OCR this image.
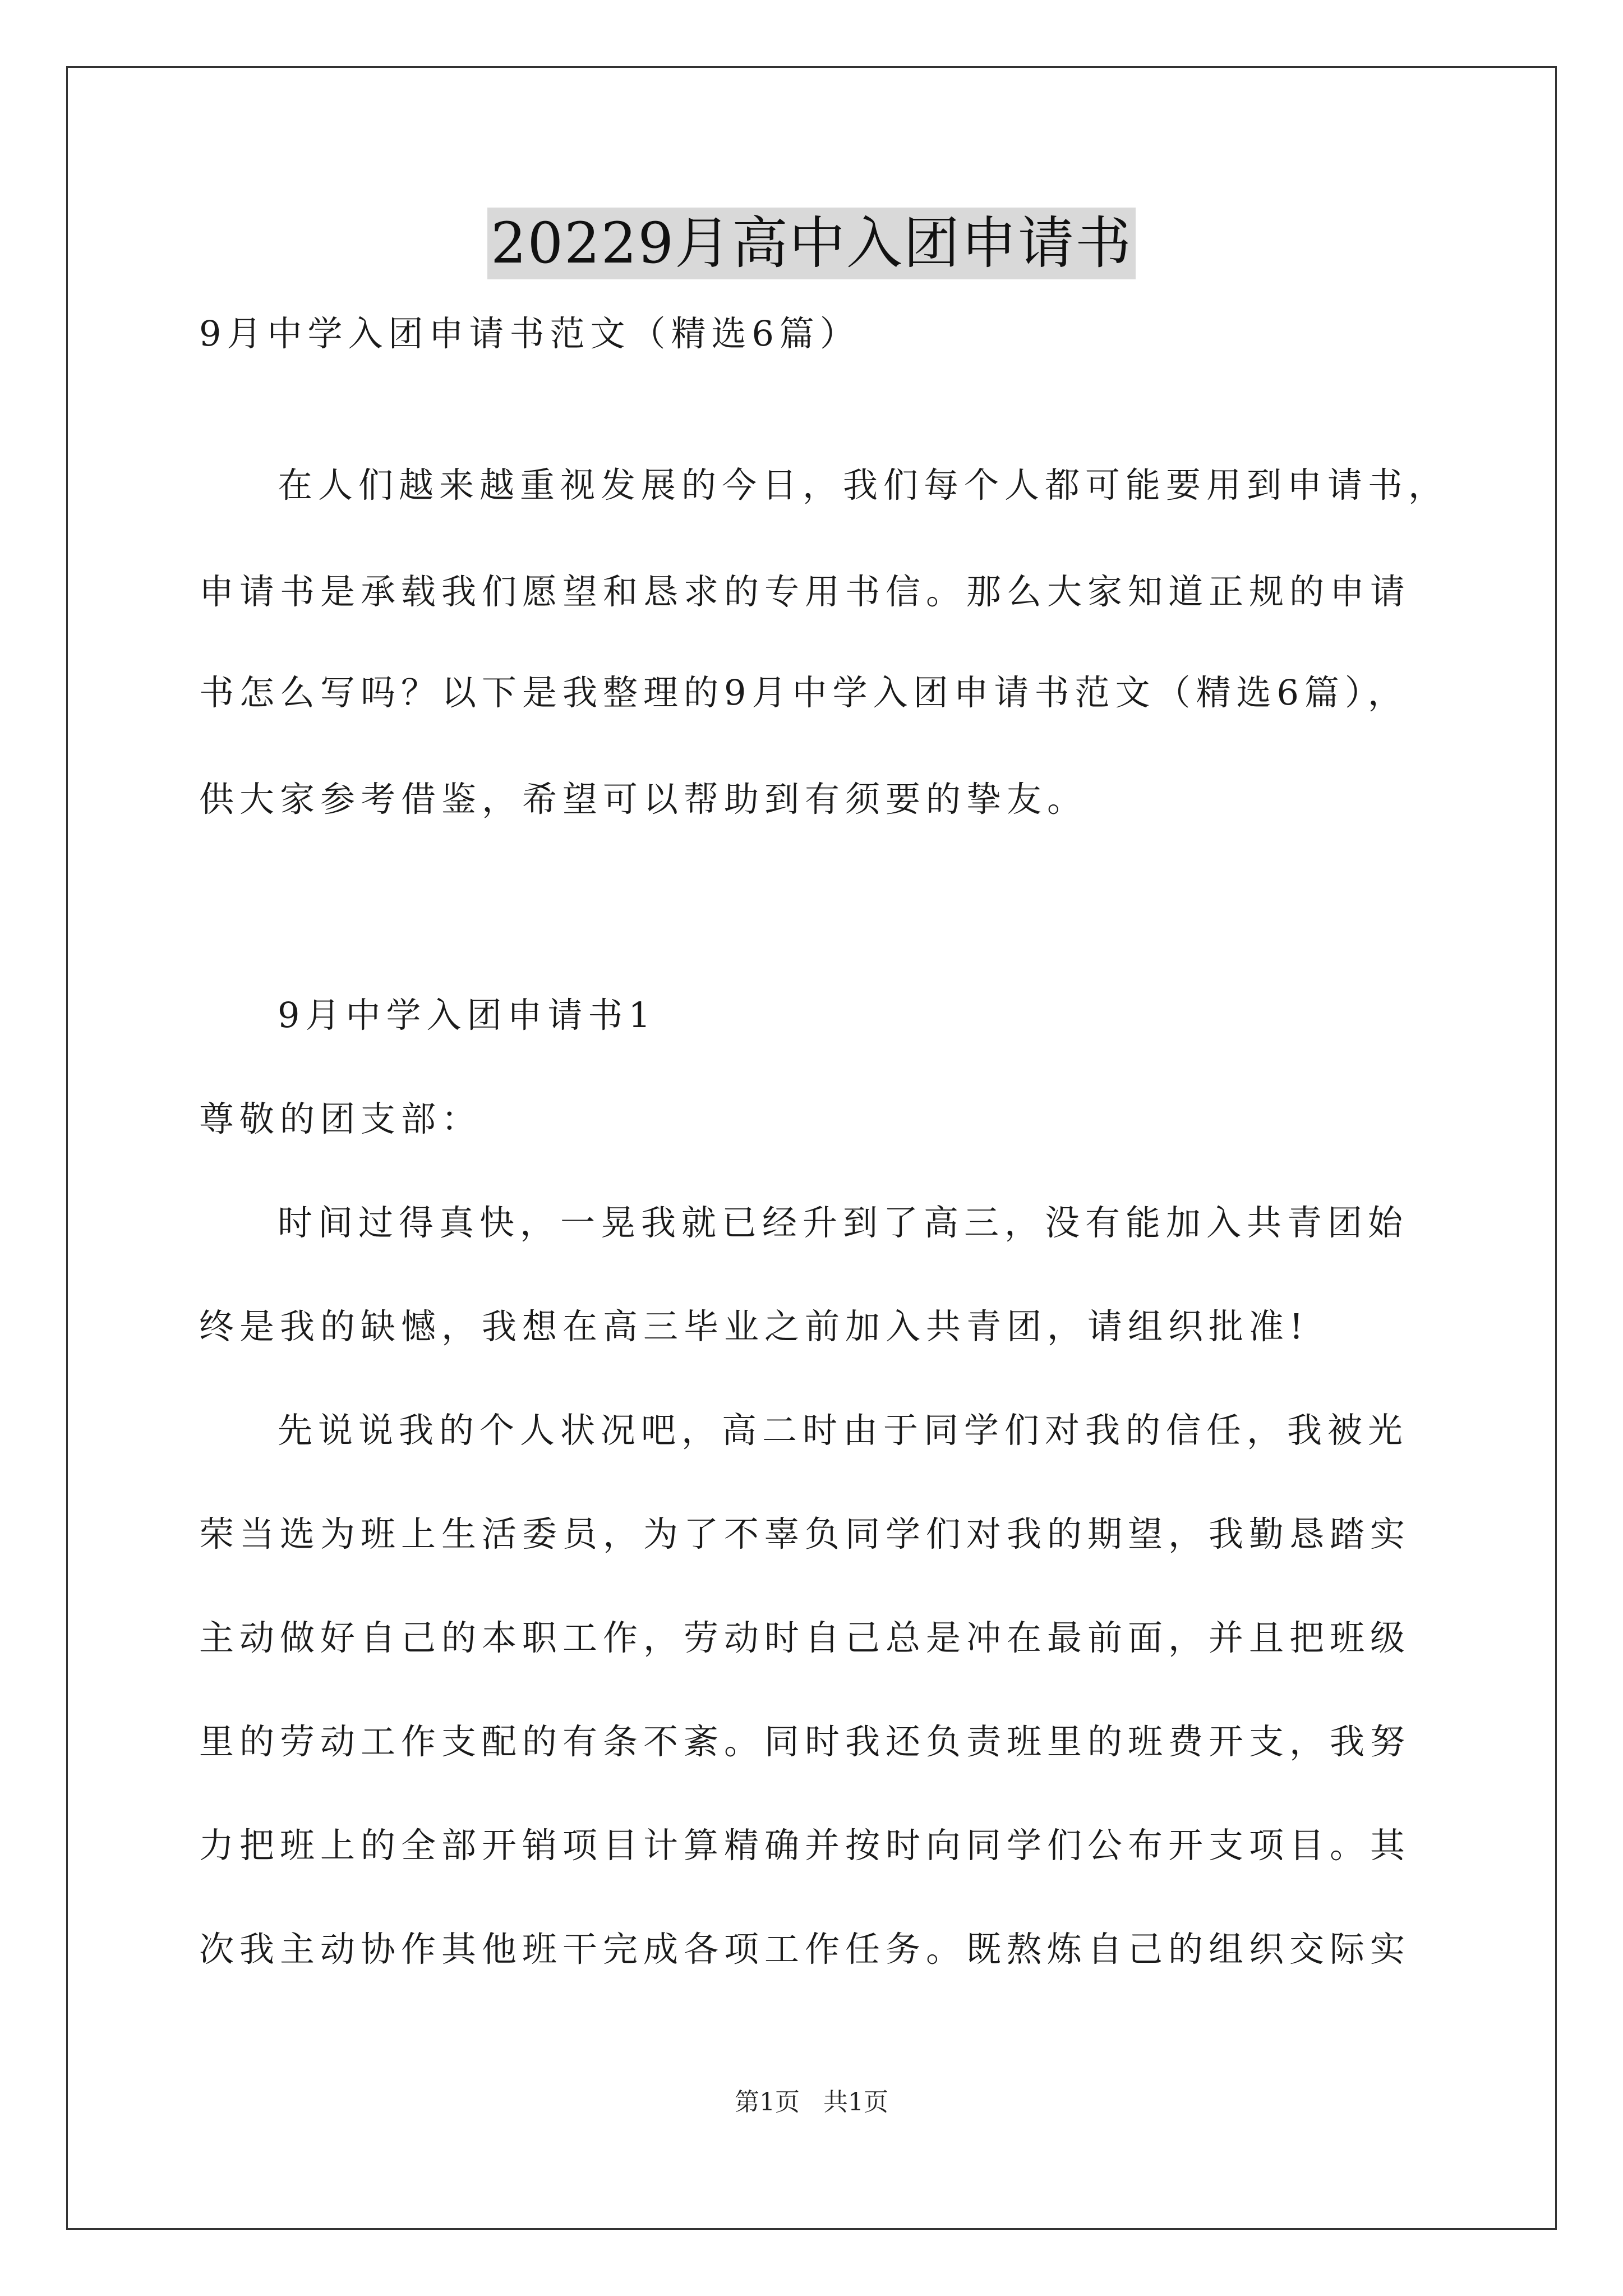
20229月高中入团申请书
9月中学入团申请书范文（精选6篇）
在人们越来越重视发展的今日，我们每个人都可能要用到申请书，
申请书是承载我们愿望和恳求的专用书信。那么大家知道正规的申请
书怎么写吗？以下是我整理的9月中学入团申请书范文（精选6篇），
供大家参考借鉴，希望可以帮助到有须要的挚友。
9月中学入团申请书1
尊敬的团支部：
时间过得真快，一晃我就已经升到了高三，没有能加入共青团始
终是我的缺憾，我想在高三毕业之前加入共青团，请组织批准!
先说说我的个人状况吧，高二时由于同学们对我的信任，我被光
荣当选为班上生活委员，为了不辜负同学们对我的期望，我勤恳踏实
主动做好自己的本职工作，劳动时自己总是冲在最前面，并且把班级
里的劳动工作支配的有条不紊。同时我还负责班里的班费开支，我努
力把班上的全部开销项目计算精确并按时向同学们公布开支项目。其
次我主动协作其他班干完成各项工作任务。既熬炼自己的组织交际实
第1页   共1页
